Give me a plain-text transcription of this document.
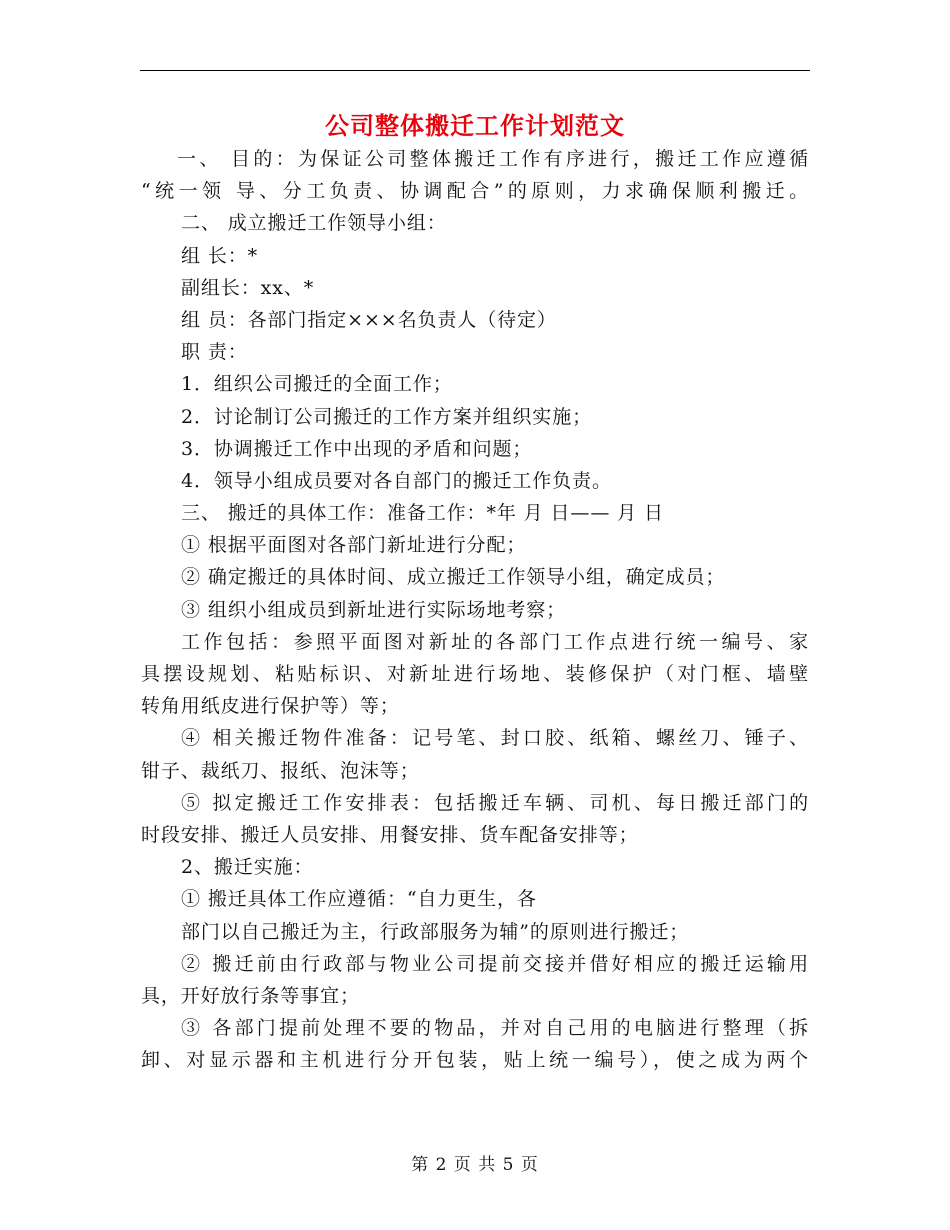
公司整体搬迁工作计划范文
一、 目的：为保证公司整体搬迁工作有序进行，搬迁工作应遵循
“统一领 导、分工负责、协调配合”的原则，力求确保顺利搬迁。
二、 成立搬迁工作领导小组：
组 长：*
副组长：xx、*
组 员：各部门指定×××名负责人（待定）
职 责：
1．组织公司搬迁的全面工作；
2．讨论制订公司搬迁的工作方案并组织实施；
3．协调搬迁工作中出现的矛盾和问题；
4．领导小组成员要对各自部门的搬迁工作负责。
三、 搬迁的具体工作：准备工作：*年 月 日—— 月 日
① 根据平面图对各部门新址进行分配；
② 确定搬迁的具体时间、成立搬迁工作领导小组，确定成员；
③ 组织小组成员到新址进行实际场地考察；
工作包括：参照平面图对新址的各部门工作点进行统一编号、家
具摆设规划、粘贴标识、对新址进行场地、装修保护（对门框、墙壁
转角用纸皮进行保护等）等；
④ 相关搬迁物件准备：记号笔、封口胶、纸箱、螺丝刀、锤子、
钳子、裁纸刀、报纸、泡沫等；
⑤ 拟定搬迁工作安排表：包括搬迁车辆、司机、每日搬迁部门的
时段安排、搬迁人员安排、用餐安排、货车配备安排等；
2、搬迁实施：
① 搬迁具体工作应遵循：“自力更生，各
部门以自己搬迁为主，行政部服务为辅”的原则进行搬迁；
② 搬迁前由行政部与物业公司提前交接并借好相应的搬迁运输用
具，开好放行条等事宜；
③ 各部门提前处理不要的物品，并对自己用的电脑进行整理（拆
卸、对显示器和主机进行分开包装，贴上统一编号），使之成为两个
第 2 页 共 5 页
